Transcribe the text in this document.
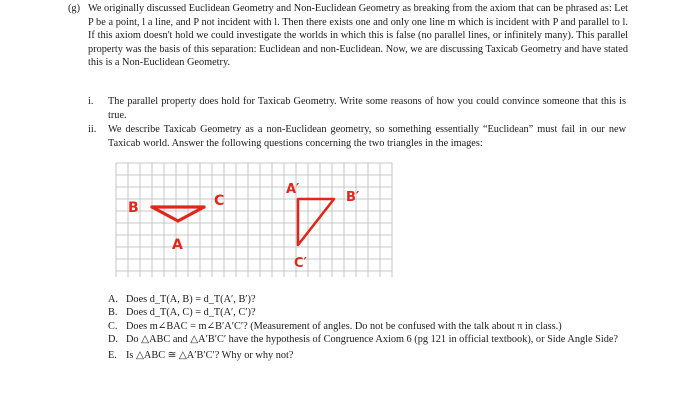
(g) We originally discussed Euclidean Geometry and Non-Euclidean Geometry as breaking from the axiom that can be phrased as: Let P be a point, l a line, and P not incident with l. Then there exists one and only one line m which is incident with P and parallel to l. If this axiom doesn't hold we could investigate the worlds in which this is false (no parallel lines, or infinitely many). This parallel property was the basis of this separation: Euclidean and non-Euclidean. Now, we are discussing Taxicab Geometry and have stated this is a Non-Euclidean Geometry.
i. The parallel property does hold for Taxicab Geometry. Write some reasons of how you could convince someone that this is true.
ii. We describe Taxicab Geometry as a non-Euclidean geometry, so something essentially “Euclidean” must fail in our new Taxicab world. Answer the following questions concerning the two triangles in the images:
B	C
A
A′
B′
C′
A. Does d_T(A, B) = d_T(A′, B′)?
B. Does d_T(A, C) = d_T(A′, C′)?
C. Does m∠BAC = m∠B′A′C′? (Measurement of angles. Do not be confused with the talk about π in class.)
D. Do △ABC and △A′B′C′ have the hypothesis of Congruence Axiom 6 (pg 121 in official textbook), or Side Angle Side?
E. Is △ABC ≅ △A′B′C′? Why or why not?
